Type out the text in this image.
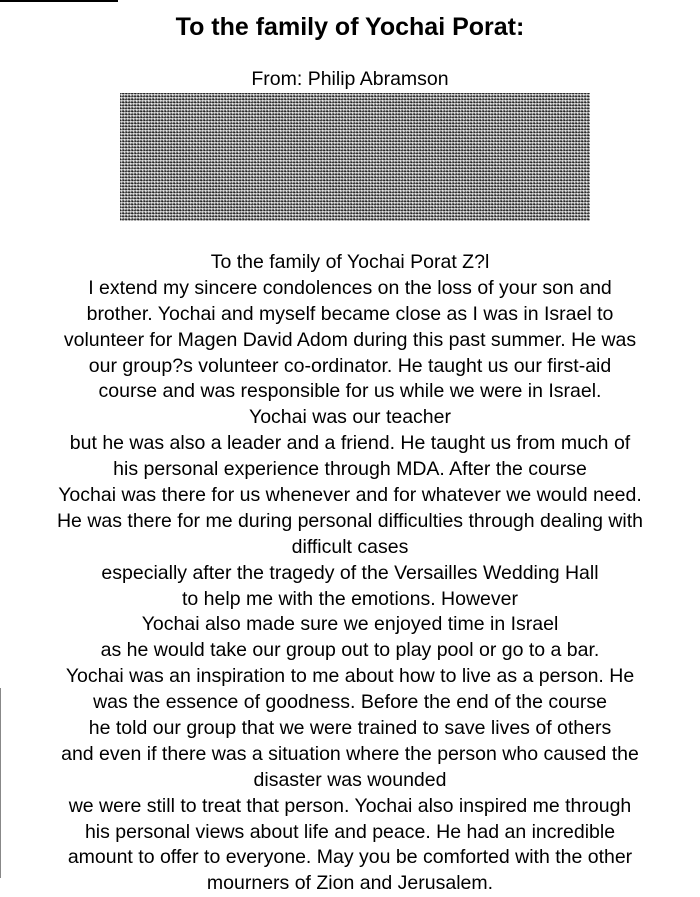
To the family of Yochai Porat:
From: Philip Abramson
To the family of Yochai Porat Z?l
I extend my sincere condolences on the loss of your son and
brother. Yochai and myself became close as I was in Israel to
volunteer for Magen David Adom during this past summer. He was
our group?s volunteer co-ordinator. He taught us our first-aid
course and was responsible for us while we were in Israel.
Yochai was our teacher
but he was also a leader and a friend. He taught us from much of
his personal experience through MDA. After the course
Yochai was there for us whenever and for whatever we would need.
He was there for me during personal difficulties through dealing with
difficult cases
especially after the tragedy of the Versailles Wedding Hall
to help me with the emotions. However
Yochai also made sure we enjoyed time in Israel
as he would take our group out to play pool or go to a bar.
Yochai was an inspiration to me about how to live as a person. He
was the essence of goodness. Before the end of the course
he told our group that we were trained to save lives of others
and even if there was a situation where the person who caused the
disaster was wounded
we were still to treat that person. Yochai also inspired me through
his personal views about life and peace. He had an incredible
amount to offer to everyone. May you be comforted with the other
mourners of Zion and Jerusalem.
